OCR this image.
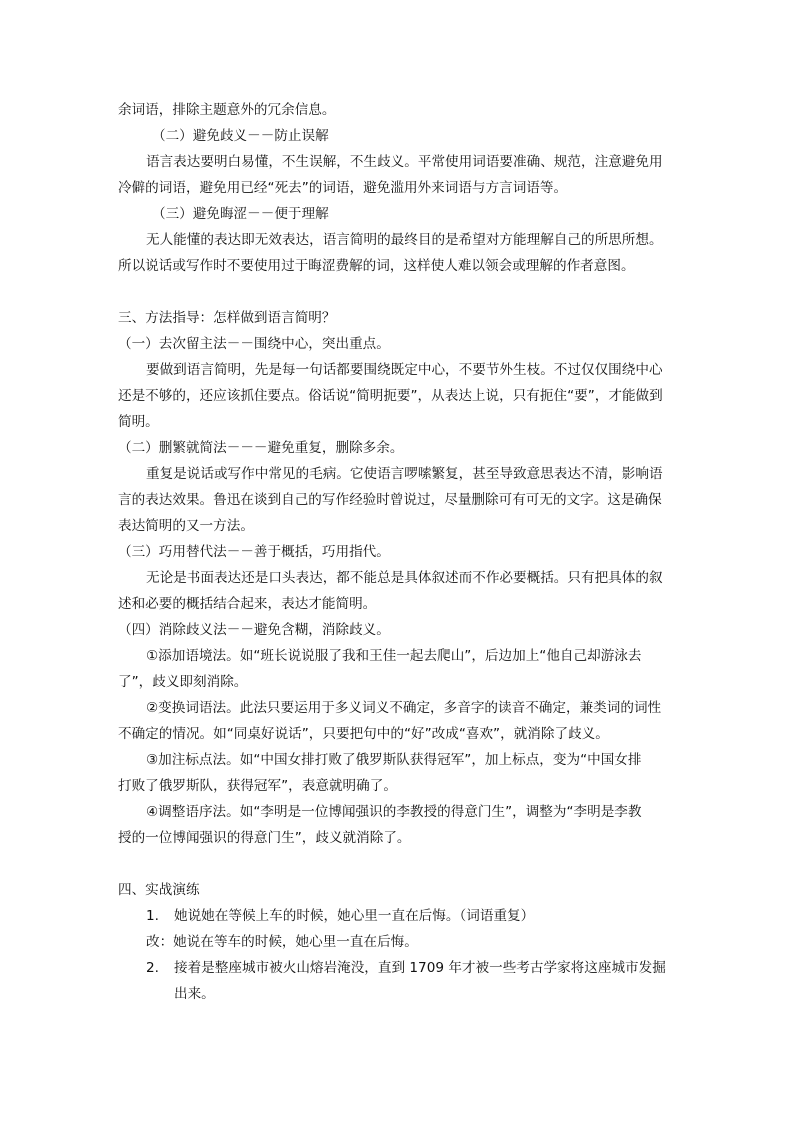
余词语，排除主题意外的冗余信息。
（二）避免歧义－－防止误解
语言表达要明白易懂，不生误解，不生歧义。平常使用词语要准确、规范，注意避免用
冷僻的词语，避免用已经“死去”的词语，避免滥用外来词语与方言词语等。
（三）避免晦涩－－便于理解
无人能懂的表达即无效表达，语言简明的最终目的是希望对方能理解自己的所思所想。
所以说话或写作时不要使用过于晦涩费解的词，这样使人难以领会或理解的作者意图。
三、方法指导：怎样做到语言简明？
（一）去次留主法－－围绕中心，突出重点。
要做到语言简明，先是每一句话都要围绕既定中心，不要节外生枝。不过仅仅围绕中心
还是不够的，还应该抓住要点。俗话说“简明扼要”，从表达上说，只有扼住“要”，才能做到
简明。
（二）删繁就简法－－－避免重复，删除多余。
重复是说话或写作中常见的毛病。它使语言啰嗦繁复，甚至导致意思表达不清，影响语
言的表达效果。鲁迅在谈到自己的写作经验时曾说过，尽量删除可有可无的文字。这是确保
表达简明的又一方法。
（三）巧用替代法－－善于概括，巧用指代。
无论是书面表达还是口头表达，都不能总是具体叙述而不作必要概括。只有把具体的叙
述和必要的概括结合起来，表达才能简明。
（四）消除歧义法－－避免含糊，消除歧义。
①添加语境法。如“班长说说服了我和王佳一起去爬山”，后边加上“他自己却游泳去
了”，歧义即刻消除。
②变换词语法。此法只要运用于多义词义不确定，多音字的读音不确定，兼类词的词性
不确定的情况。如“同桌好说话”，只要把句中的“好”改成“喜欢”，就消除了歧义。
③加注标点法。如“中国女排打败了俄罗斯队获得冠军”，加上标点，变为“中国女排
打败了俄罗斯队，获得冠军”，表意就明确了。
④调整语序法。如“李明是一位博闻强识的李教授的得意门生”，调整为“李明是李教
授的一位博闻强识的得意门生”，歧义就消除了。
四、实战演练
1. 她说她在等候上车的时候，她心里一直在后悔。（词语重复）
改：她说在等车的时候，她心里一直在后悔。
2. 接着是整座城市被火山熔岩淹没，直到 1709 年才被一些考古学家将这座城市发掘
出来。
